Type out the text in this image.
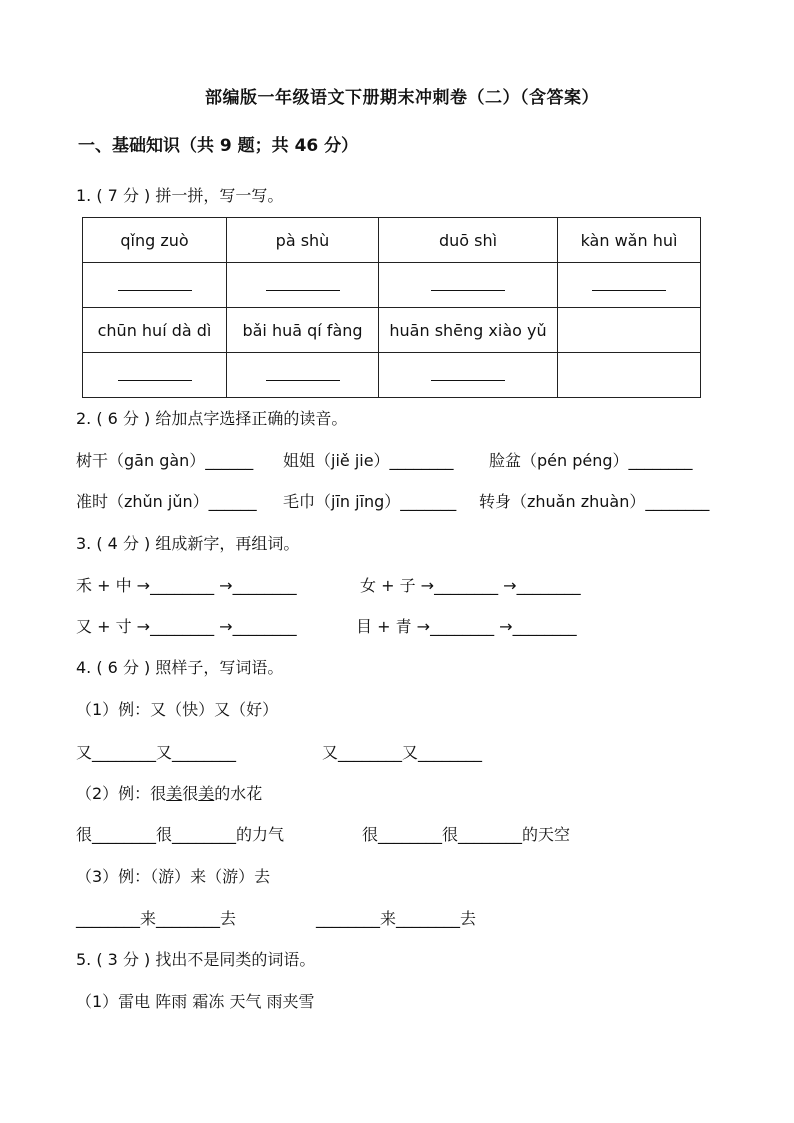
部编版一年级语文下册期末冲刺卷（二）（含答案）
一、基础知识（共 9 题；共 46 分）
1. ( 7 分 ) 拼一拼，写一写。
qǐng zuò	pà shù	duō shì	kàn wǎn huì

chūn huí dà dì	bǎi huā qí fàng	huān shēng xiào yǔ	

2. ( 6 分 ) 给加点字选择正确的读音。
树干（gān gàn）______ 姐姐（jiě jie）________ 脸盆（pén péng）________
准时（zhǔn jǔn）______ 毛巾（jīn jīng）_______ 转身（zhuǎn zhuàn）________
3. ( 4 分 ) 组成新字，再组词。
禾 + 中 →________ →________	女 + 子 →________ →________
又 + 寸 →________ →________	目 + 青 →________ →________
4. ( 6 分 ) 照样子，写词语。
（1）例：又（快）又（好）
又________又________	又________又________
（2）例：很美很美的水花
很________很________的力气	很________很________的天空
（3）例：（游）来（游）去
________来________去	________来________去
5. ( 3 分 ) 找出不是同类的词语。
（1）雷电 阵雨 霜冻 天气 雨夹雪
